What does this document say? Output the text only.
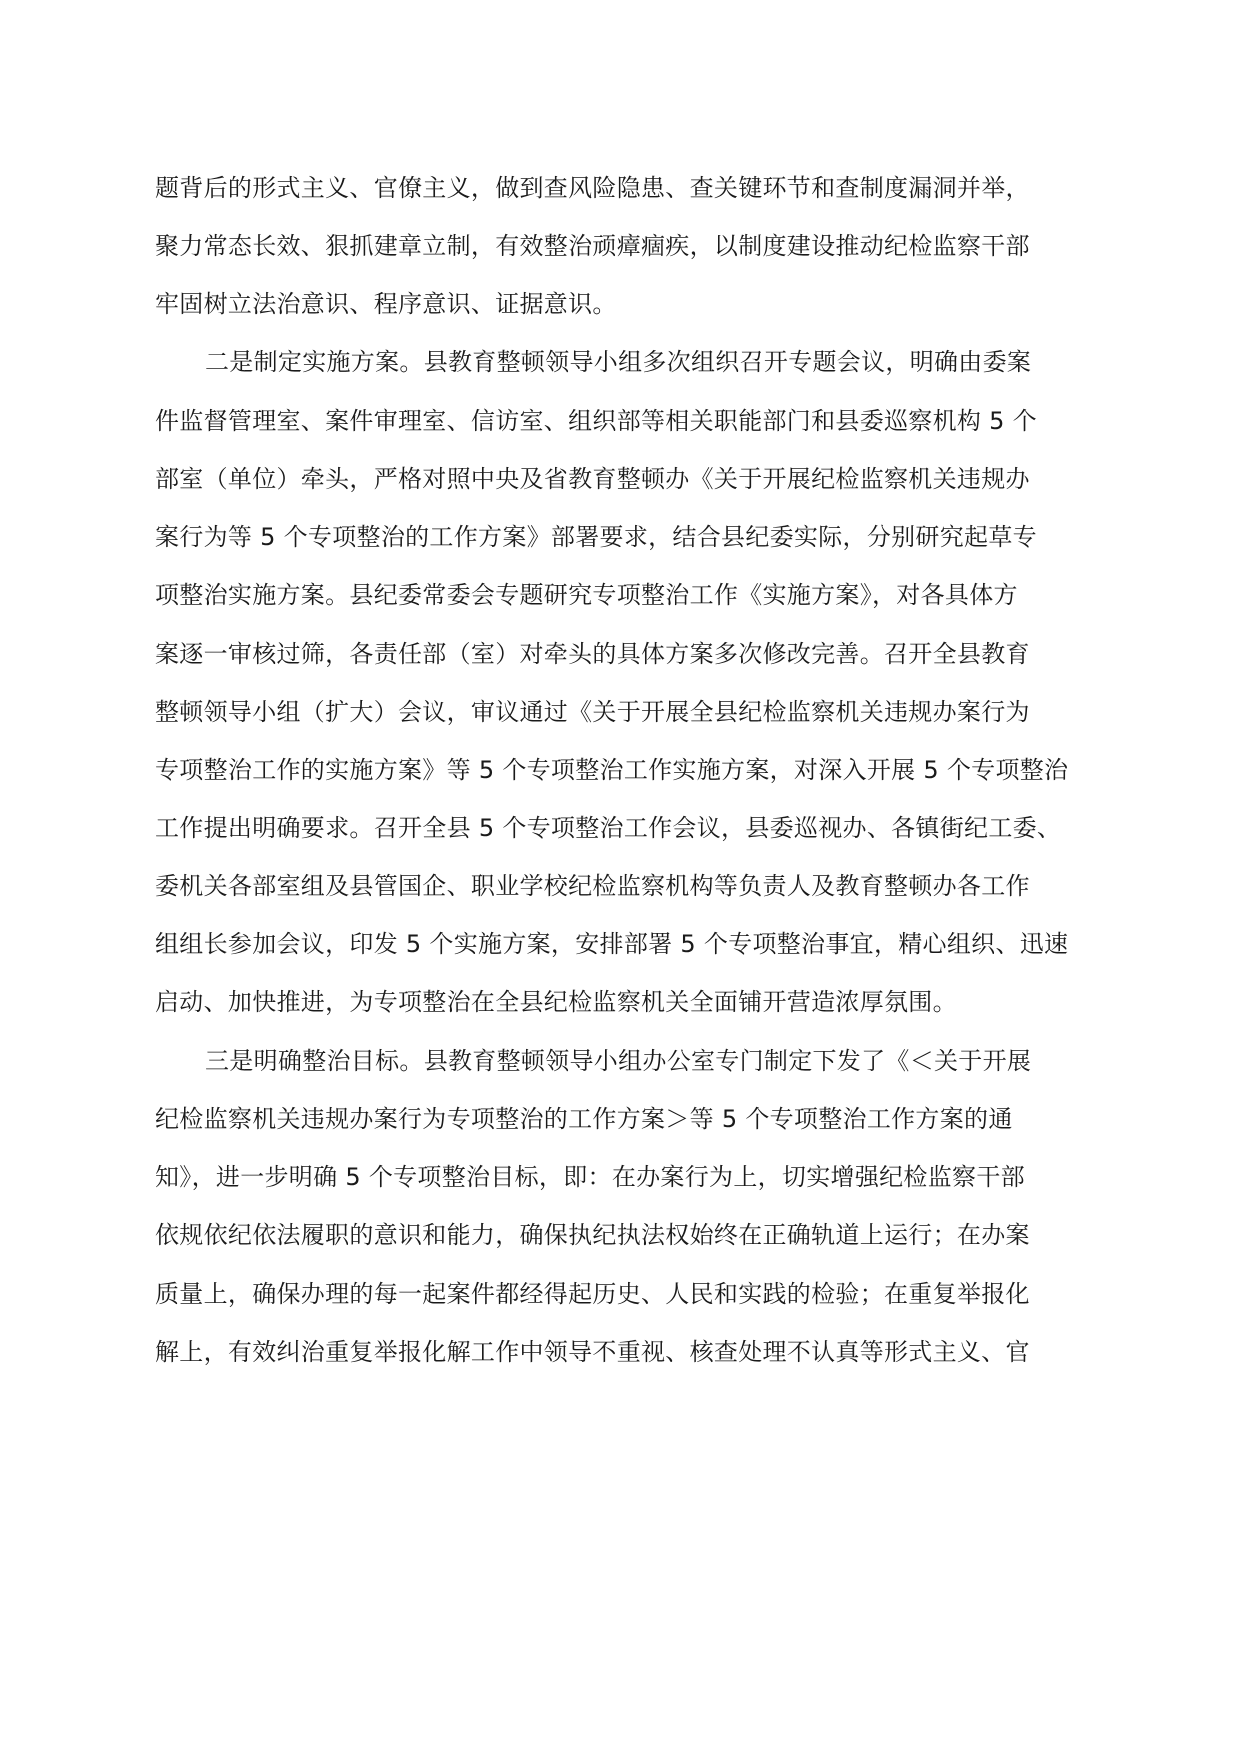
题背后的形式主义、官僚主义，做到查风险隐患、查关键环节和查制度漏洞并举，
聚力常态长效、狠抓建章立制，有效整治顽瘴痼疾，以制度建设推动纪检监察干部
牢固树立法治意识、程序意识、证据意识。
二是制定实施方案。县教育整顿领导小组多次组织召开专题会议，明确由委案
件监督管理室、案件审理室、信访室、组织部等相关职能部门和县委巡察机构 5 个
部室（单位）牵头，严格对照中央及省教育整顿办《关于开展纪检监察机关违规办
案行为等 5 个专项整治的工作方案》部署要求，结合县纪委实际，分别研究起草专
项整治实施方案。县纪委常委会专题研究专项整治工作《实施方案》，对各具体方
案逐一审核过筛，各责任部（室）对牵头的具体方案多次修改完善。召开全县教育
整顿领导小组（扩大）会议，审议通过《关于开展全县纪检监察机关违规办案行为
专项整治工作的实施方案》等 5 个专项整治工作实施方案，对深入开展 5 个专项整治
工作提出明确要求。召开全县 5 个专项整治工作会议，县委巡视办、各镇街纪工委、
委机关各部室组及县管国企、职业学校纪检监察机构等负责人及教育整顿办各工作
组组长参加会议，印发 5 个实施方案，安排部署 5 个专项整治事宜，精心组织、迅速
启动、加快推进，为专项整治在全县纪检监察机关全面铺开营造浓厚氛围。
三是明确整治目标。县教育整顿领导小组办公室专门制定下发了《＜关于开展
纪检监察机关违规办案行为专项整治的工作方案＞等 5 个专项整治工作方案的通
知》，进一步明确 5 个专项整治目标，即：在办案行为上，切实增强纪检监察干部
依规依纪依法履职的意识和能力，确保执纪执法权始终在正确轨道上运行；在办案
质量上，确保办理的每一起案件都经得起历史、人民和实践的检验；在重复举报化
解上，有效纠治重复举报化解工作中领导不重视、核查处理不认真等形式主义、官
